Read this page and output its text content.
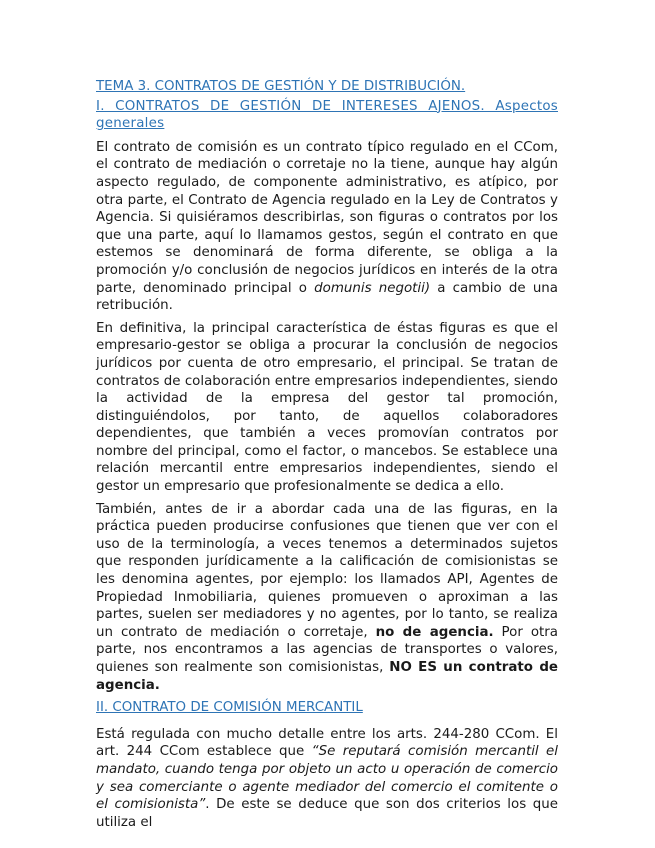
TEMA 3. CONTRATOS DE GESTIÓN Y DE DISTRIBUCIÓN.
I. CONTRATOS DE GESTIÓN DE INTERESES AJENOS. Aspectos generales

El contrato de comisión es un contrato típico regulado en el CCom, el contrato de mediación o corretaje no la tiene, aunque hay algún aspecto regulado, de componente administrativo, es atípico, por otra parte, el Contrato de Agencia regulado en la Ley de Contratos y Agencia. Si quisiéramos describirlas, son figuras o contratos por los que una parte, aquí lo llamamos gestos, según el contrato en que estemos se denominará de forma diferente, se obliga a la promoción y/o conclusión de negocios jurídicos en interés de la otra parte, denominado principal o domunis negotii) a cambio de una retribución.

En definitiva, la principal característica de éstas figuras es que el empresario-gestor se obliga a procurar la conclusión de negocios jurídicos por cuenta de otro empresario, el principal. Se tratan de contratos de colaboración entre empresarios independientes, siendo la actividad de la empresa del gestor tal promoción, distinguiéndolos, por tanto, de aquellos colaboradores dependientes, que también a veces promovían contratos por nombre del principal, como el factor, o mancebos. Se establece una relación mercantil entre empresarios independientes, siendo el gestor un empresario que profesionalmente se dedica a ello.

También, antes de ir a abordar cada una de las figuras, en la práctica pueden producirse confusiones que tienen que ver con el uso de la terminología, a veces tenemos a determinados sujetos que responden jurídicamente a la calificación de comisionistas se les denomina agentes, por ejemplo: los llamados API, Agentes de Propiedad Inmobiliaria, quienes promueven o aproximan a las partes, suelen ser mediadores y no agentes, por lo tanto, se realiza un contrato de mediación o corretaje, no de agencia. Por otra parte, nos encontramos a las agencias de transportes o valores, quienes son realmente son comisionistas, NO ES un contrato de agencia.

II. CONTRATO DE COMISIÓN MERCANTIL

Está regulada con mucho detalle entre los arts. 244-280 CCom. El art. 244 CCom establece que “Se reputará comisión mercantil el mandato, cuando tenga por objeto un acto u operación de comercio y sea comerciante o agente mediador del comercio el comitente o el comisionista”. De este se deduce que son dos criterios los que utiliza el
